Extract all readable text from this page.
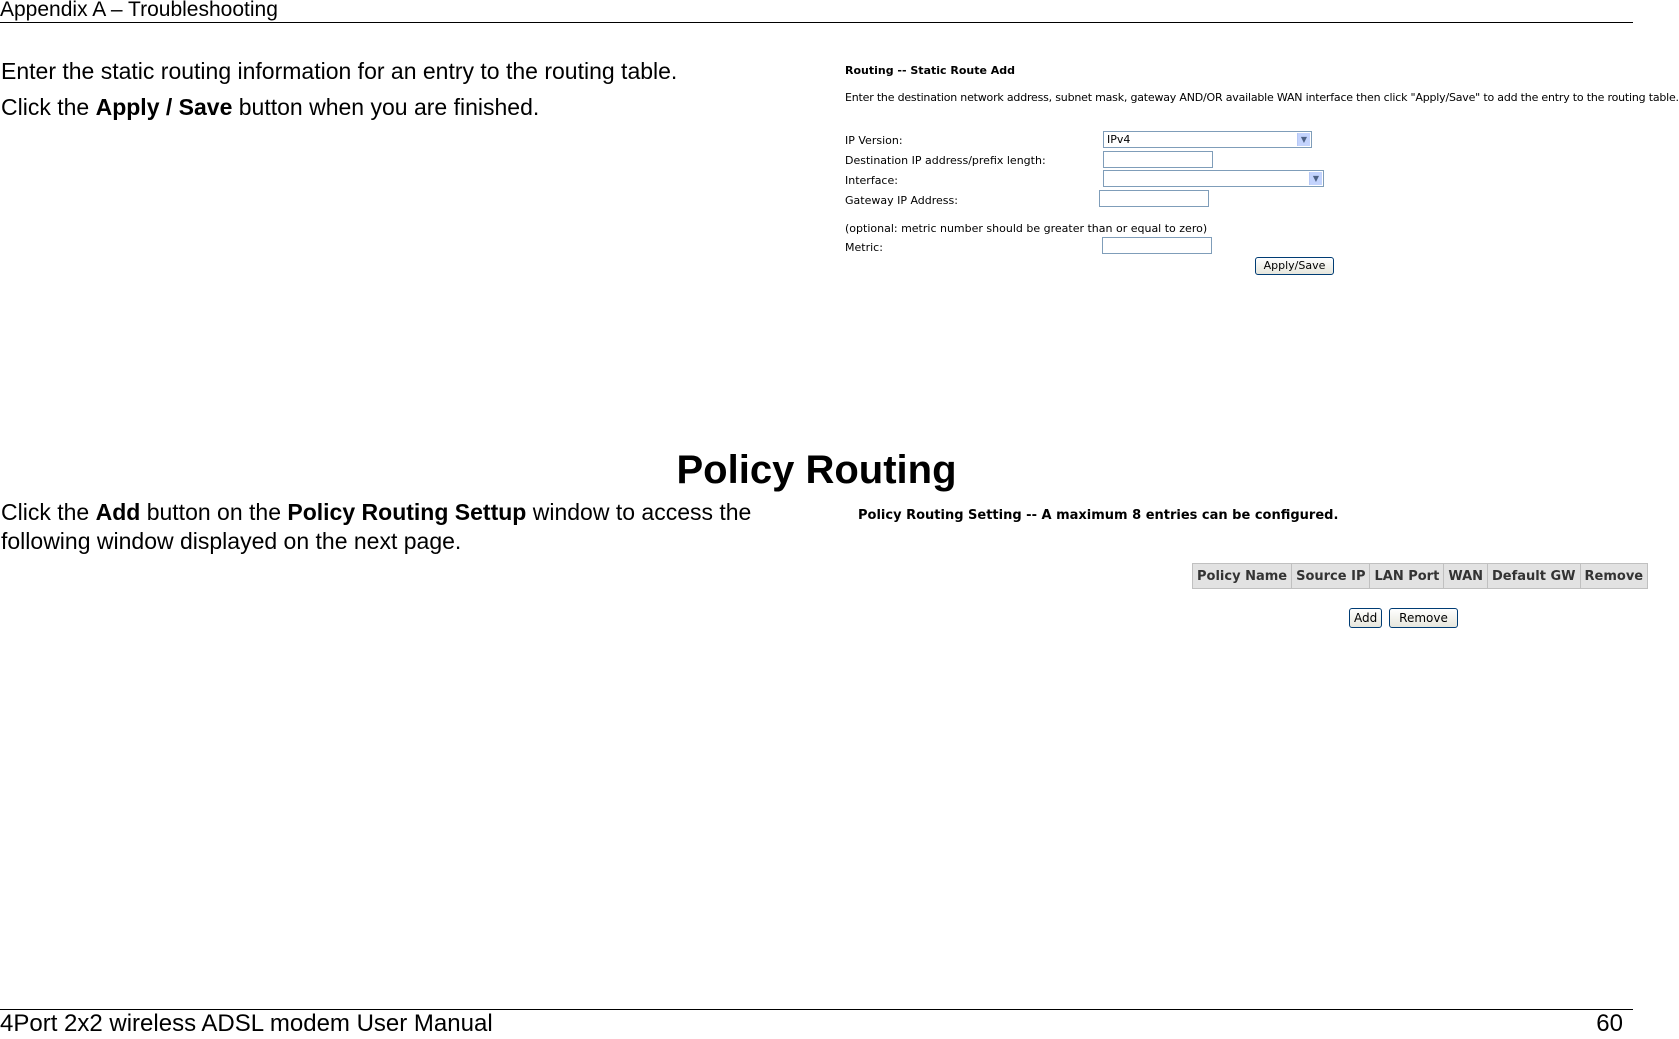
Appendix A – Troubleshooting
Enter the static routing information for an entry to the routing table.
Click the Apply / Save button when you are finished.
Routing -- Static Route Add
Enter the destination network address, subnet mask, gateway AND/OR available WAN interface then click "Apply/Save" to add the entry to the routing table.
IP Version:	IPv4	▼
Destination IP address/prefix length:
Interface:	▼
Gateway IP Address:
(optional: metric number should be greater than or equal to zero)
Metric:
Apply/Save
Policy Routing
Click the Add button on the Policy Routing Settup window to access the following window displayed on the next page.
Policy Routing Setting -- A maximum 8 entries can be configured.
Policy Name	Source IP	LAN Port	WAN	Default GW	Remove
Add	Remove
4Port 2x2 wireless ADSL modem User Manual	60
